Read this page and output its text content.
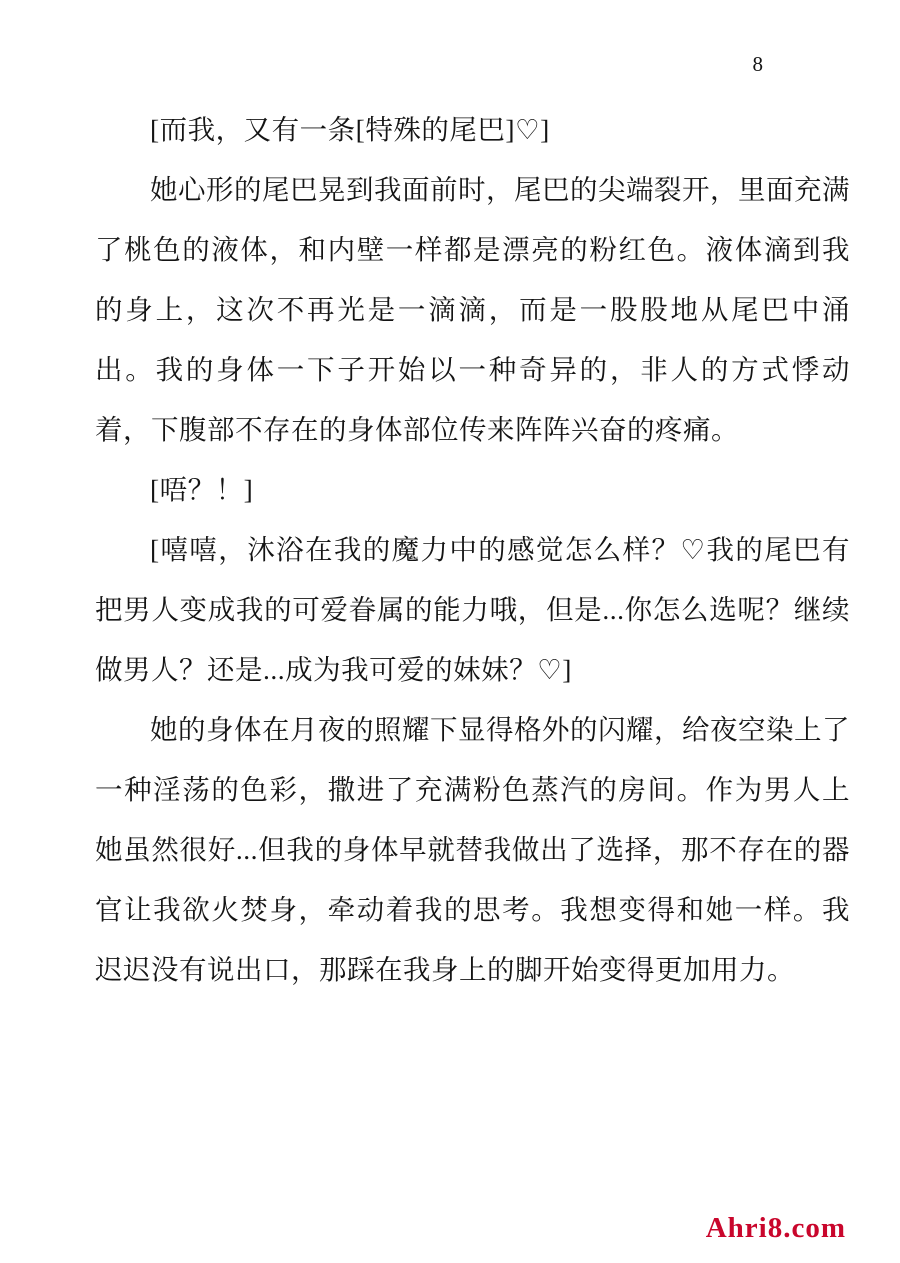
8

[而我，又有一条[特殊的尾巴]♡]

她心形的尾巴晃到我面前时，尾巴的尖端裂开，里面充满了桃色的液体，和内壁一样都是漂亮的粉红色。液体滴到我的身上，这次不再光是一滴滴，而是一股股地从尾巴中涌出。我的身体一下子开始以一种奇异的，非人的方式悸动着，下腹部不存在的身体部位传来阵阵兴奋的疼痛。

[唔？！]

[嘻嘻，沐浴在我的魔力中的感觉怎么样？♡我的尾巴有把男人变成我的可爱眷属的能力哦，但是...你怎么选呢？继续做男人？还是...成为我可爱的妹妹？♡]

她的身体在月夜的照耀下显得格外的闪耀，给夜空染上了一种淫荡的色彩，撒进了充满粉色蒸汽的房间。作为男人上她虽然很好...但我的身体早就替我做出了选择，那不存在的器官让我欲火焚身，牵动着我的思考。我想变得和她一样。我迟迟没有说出口，那踩在我身上的脚开始变得更加用力。

Ahri8.com
